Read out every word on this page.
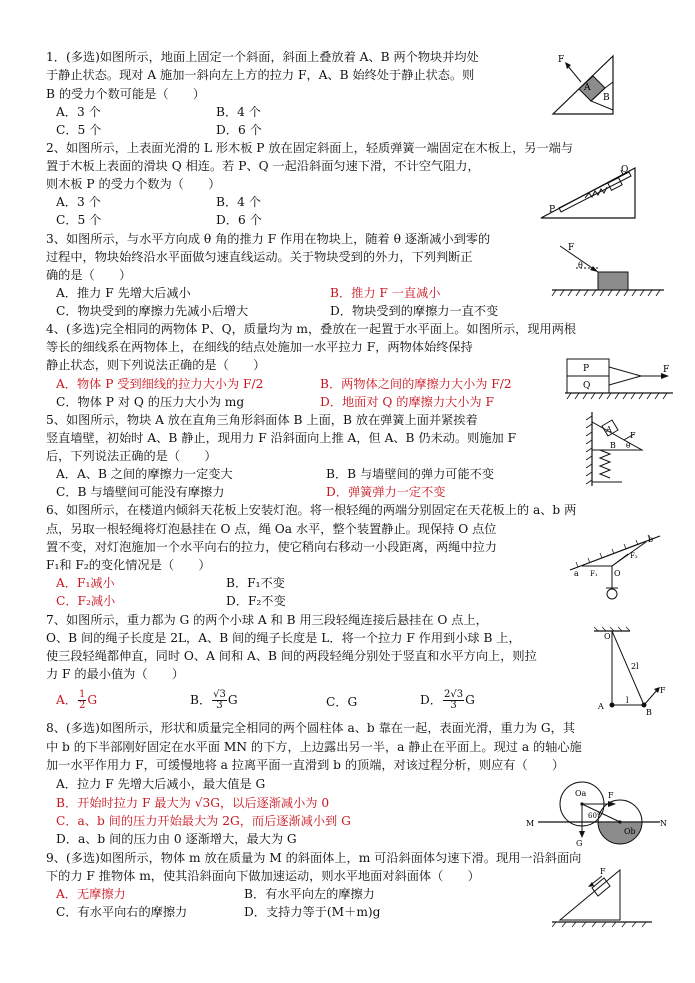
1．(多选)如图所示，地面上固定一个斜面，斜面上叠放着 A、B 两个物块并均处
于静止状态。现对 A 施加一斜向左上方的拉力 F，A、B 始终处于静止状态。则
B 的受力个数可能是（　　）
A．3 个	B．4 个
C．5 个	D．6 个
F
A
B
2、如图所示，上表面光滑的 L 形木板 P 放在固定斜面上，轻质弹簧一端固定在木板上，另一端与
置于木板上表面的滑块 Q 相连。若 P、Q 一起沿斜面匀速下滑，不计空气阻力，
则木板 P 的受力个数为（　　）
A．3 个	B．4 个
C．5 个	D．6 个
P
Q
3、如图所示，与水平方向成 θ 角的推力 F 作用在物块上，随着 θ 逐渐减小到零的
过程中，物块始终沿水平面做匀速直线运动。关于物块受到的外力，下列判断正
确的是（　　）
A．推力 F 先增大后减小	B．推力 F 一直减小
C．物块受到的摩擦力先减小后增大	D．物块受到的摩擦力一直不变
F
θ
4、(多选)完全相同的两物体 P、Q，质量均为 m，叠放在一起置于水平面上。如图所示，现用两根
等长的细线系在两物体上，在细线的结点处施加一水平拉力 F，两物体始终保持
静止状态，则下列说法正确的是（　　）
A．物体 P 受到细线的拉力大小为 F/2	B．两物体之间的摩擦力大小为 F/2
C．物体 P 对 Q 的压力大小为 mg	D．地面对 Q 的摩擦力大小为 F
P
Q
F
5、如图所示，物块 A 放在直角三角形斜面体 B 上面，B 放在弹簧上面并紧挨着
竖直墙壁，初始时 A、B 静止，现用力 F 沿斜面向上推 A，但 A、B 仍未动。则施加 F
后，下列说法正确的是（　　）
A．A、B 之间的摩擦力一定变大	B．B 与墙壁间的弹力可能不变
C．B 与墙壁间可能没有摩擦力	D．弹簧弹力一定不变
A
F
B θ
6、如图所示，在楼道内倾斜天花板上安装灯泡。将一根轻绳的两端分别固定在天花板上的 a、b 两
点，另取一根轻绳将灯泡悬挂在 O 点，绳 Oa 水平，整个装置静止。现保持 O 点位
置不变，对灯泡施加一个水平向右的拉力，使它稍向右移动一小段距离，两绳中拉力
F₁和 F₂的变化情况是（　　）
A．F₁减小	B．F₁不变
C．F₂减小	D．F₂不变
b
a	O
F₁
F₂
7、如图所示，重力都为 G 的两个小球 A 和 B 用三段轻绳连接后悬挂在 O 点上，
O、B 间的绳子长度是 2L，A、B 间的绳子长度是 L．将一个拉力 F 作用到小球 B 上，
使三段轻绳都伸直，同时 O、A 间和 A、B 间的两段轻绳分别处于竖直和水平方向上，则拉
力 F 的最小值为（　　）
A． $\frac{1}{2}$ G	B． $\frac{√3}{3}$ G	C．G	D． $\frac{2√3}{3}$ G
O
2l
A
l
B
F
8、(多选)如图所示，形状和质量完全相同的两个圆柱体 a、b 靠在一起，表面光滑，重力为 G，其
中 b 的下半部刚好固定在水平面 MN 的下方，上边露出另一半，a 静止在平面上。现过 a 的轴心施
加一水平作用力 F，可缓慢地将 a 拉离平面一直滑到 b 的顶端，对该过程分析，则应有（　　）
A．拉力 F 先增大后减小，最大值是 G
B．开始时拉力 F 最大为 √3G，以后逐渐减小为 0
C．a、b 间的压力开始最大为 2G，而后逐渐减小到 G
D．a、b 间的压力由 0 逐渐增大，最大为 G
Oa	F
M
G
Ob
N
60°
9、(多选)如图所示，物体 m 放在质量为 M 的斜面体上，m 可沿斜面体匀速下滑。现用一沿斜面向
下的力 F 推物体 m，使其沿斜面向下做加速运动，则水平地面对斜面体（　　）
A．无摩擦力	B．有水平向左的摩擦力
C．有水平向右的摩擦力	D．支持力等于(M＋m)g
F
